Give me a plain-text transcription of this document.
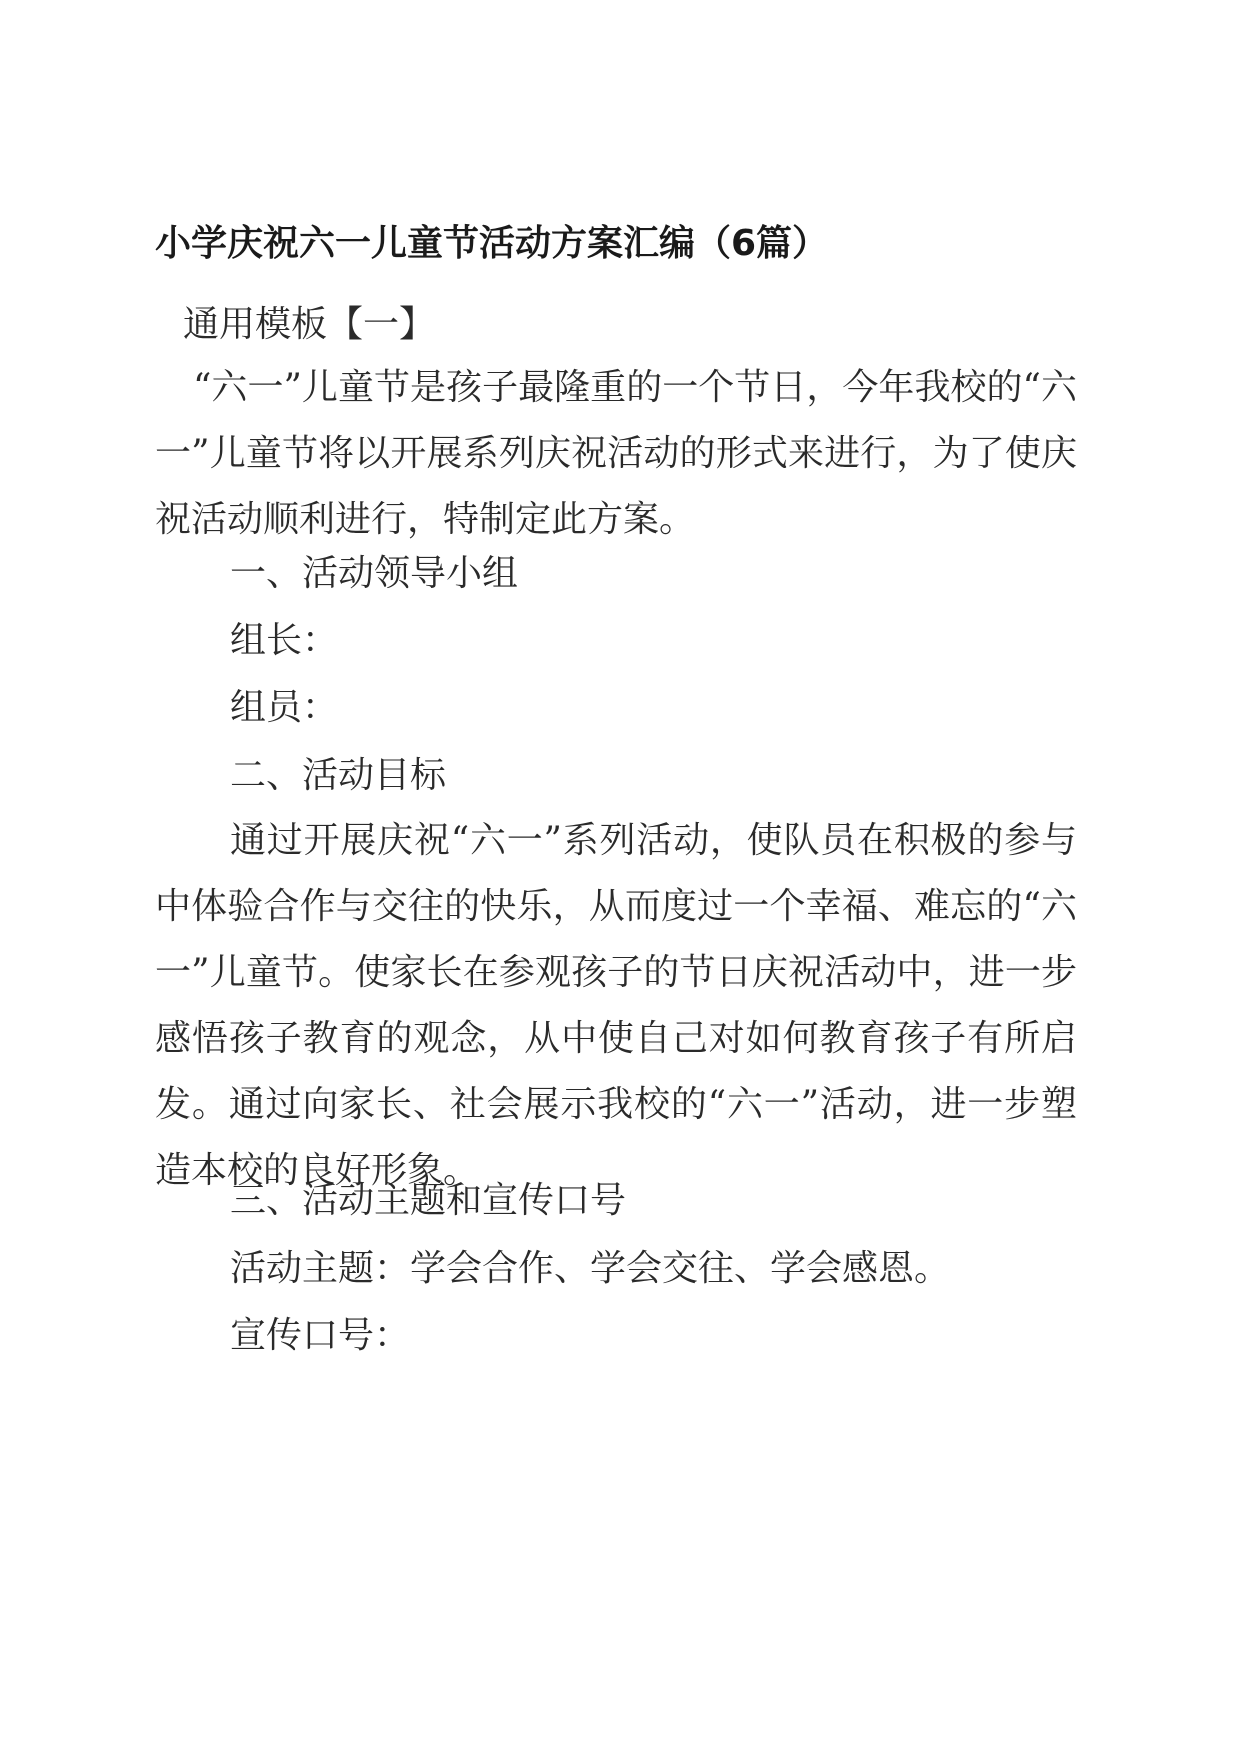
小学庆祝六一儿童节活动方案汇编（6篇）

通用模板【一】

“六一”儿童节是孩子最隆重的一个节日，今年我校的“六一”儿童节将以开展系列庆祝活动的形式来进行，为了使庆祝活动顺利进行，特制定此方案。

一、活动领导小组

组长：

组员：

二、活动目标

通过开展庆祝“六一”系列活动，使队员在积极的参与中体验合作与交往的快乐，从而度过一个幸福、难忘的“六一”儿童节。使家长在参观孩子的节日庆祝活动中，进一步感悟孩子教育的观念，从中使自己对如何教育孩子有所启发。通过向家长、社会展示我校的“六一”活动，进一步塑造本校的良好形象。

三、活动主题和宣传口号

活动主题：学会合作、学会交往、学会感恩。

宣传口号：
